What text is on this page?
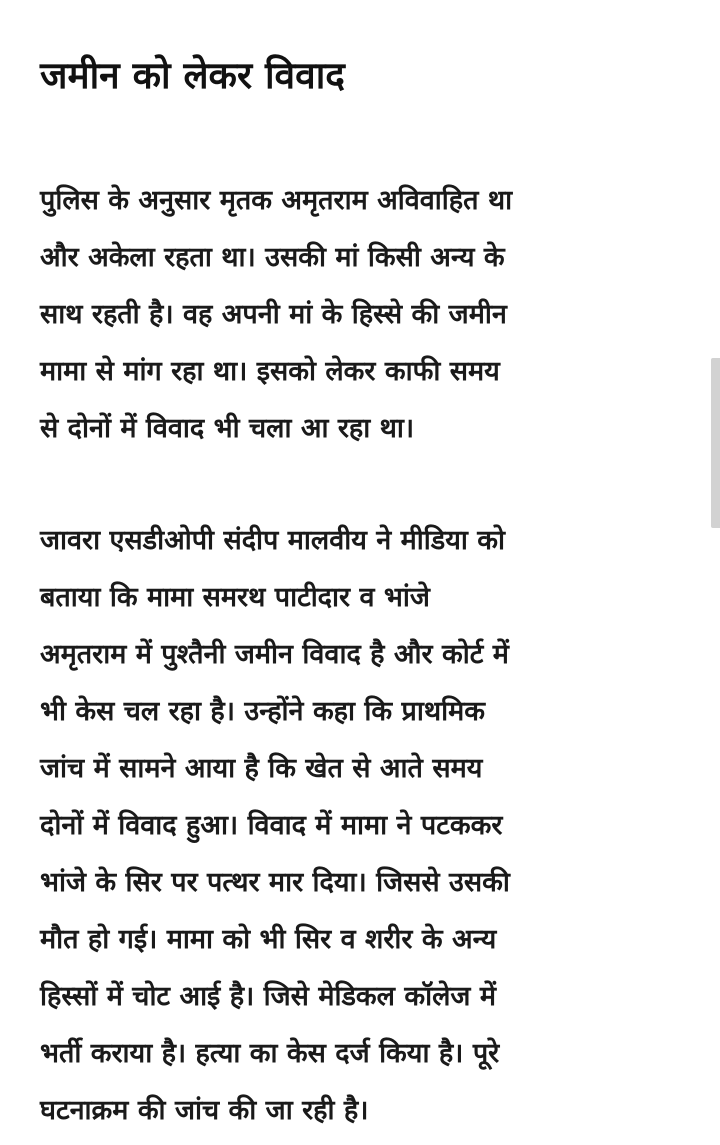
जमीन को लेकर विवाद

पुलिस के अनुसार मृतक अमृतराम अविवाहित था
और अकेला रहता था। उसकी मां किसी अन्य के
साथ रहती है। वह अपनी मां के हिस्से की जमीन
मामा से मांग रहा था। इसको लेकर काफी समय
से दोनों में विवाद भी चला आ रहा था।

जावरा एसडीओपी संदीप मालवीय ने मीडिया को
बताया कि मामा समरथ पाटीदार व भांजे
अमृतराम में पुश्तैनी जमीन विवाद है और कोर्ट में
भी केस चल रहा है। उन्होंने कहा कि प्राथमिक
जांच में सामने आया है कि खेत से आते समय
दोनों में विवाद हुआ। विवाद में मामा ने पटककर
भांजे के सिर पर पत्थर मार दिया। जिससे उसकी
मौत हो गई। मामा को भी सिर व शरीर के अन्य
हिस्सों में चोट आई है। जिसे मेडिकल कॉलेज में
भर्ती कराया है। हत्या का केस दर्ज किया है। पूरे
घटनाक्रम की जांच की जा रही है।
